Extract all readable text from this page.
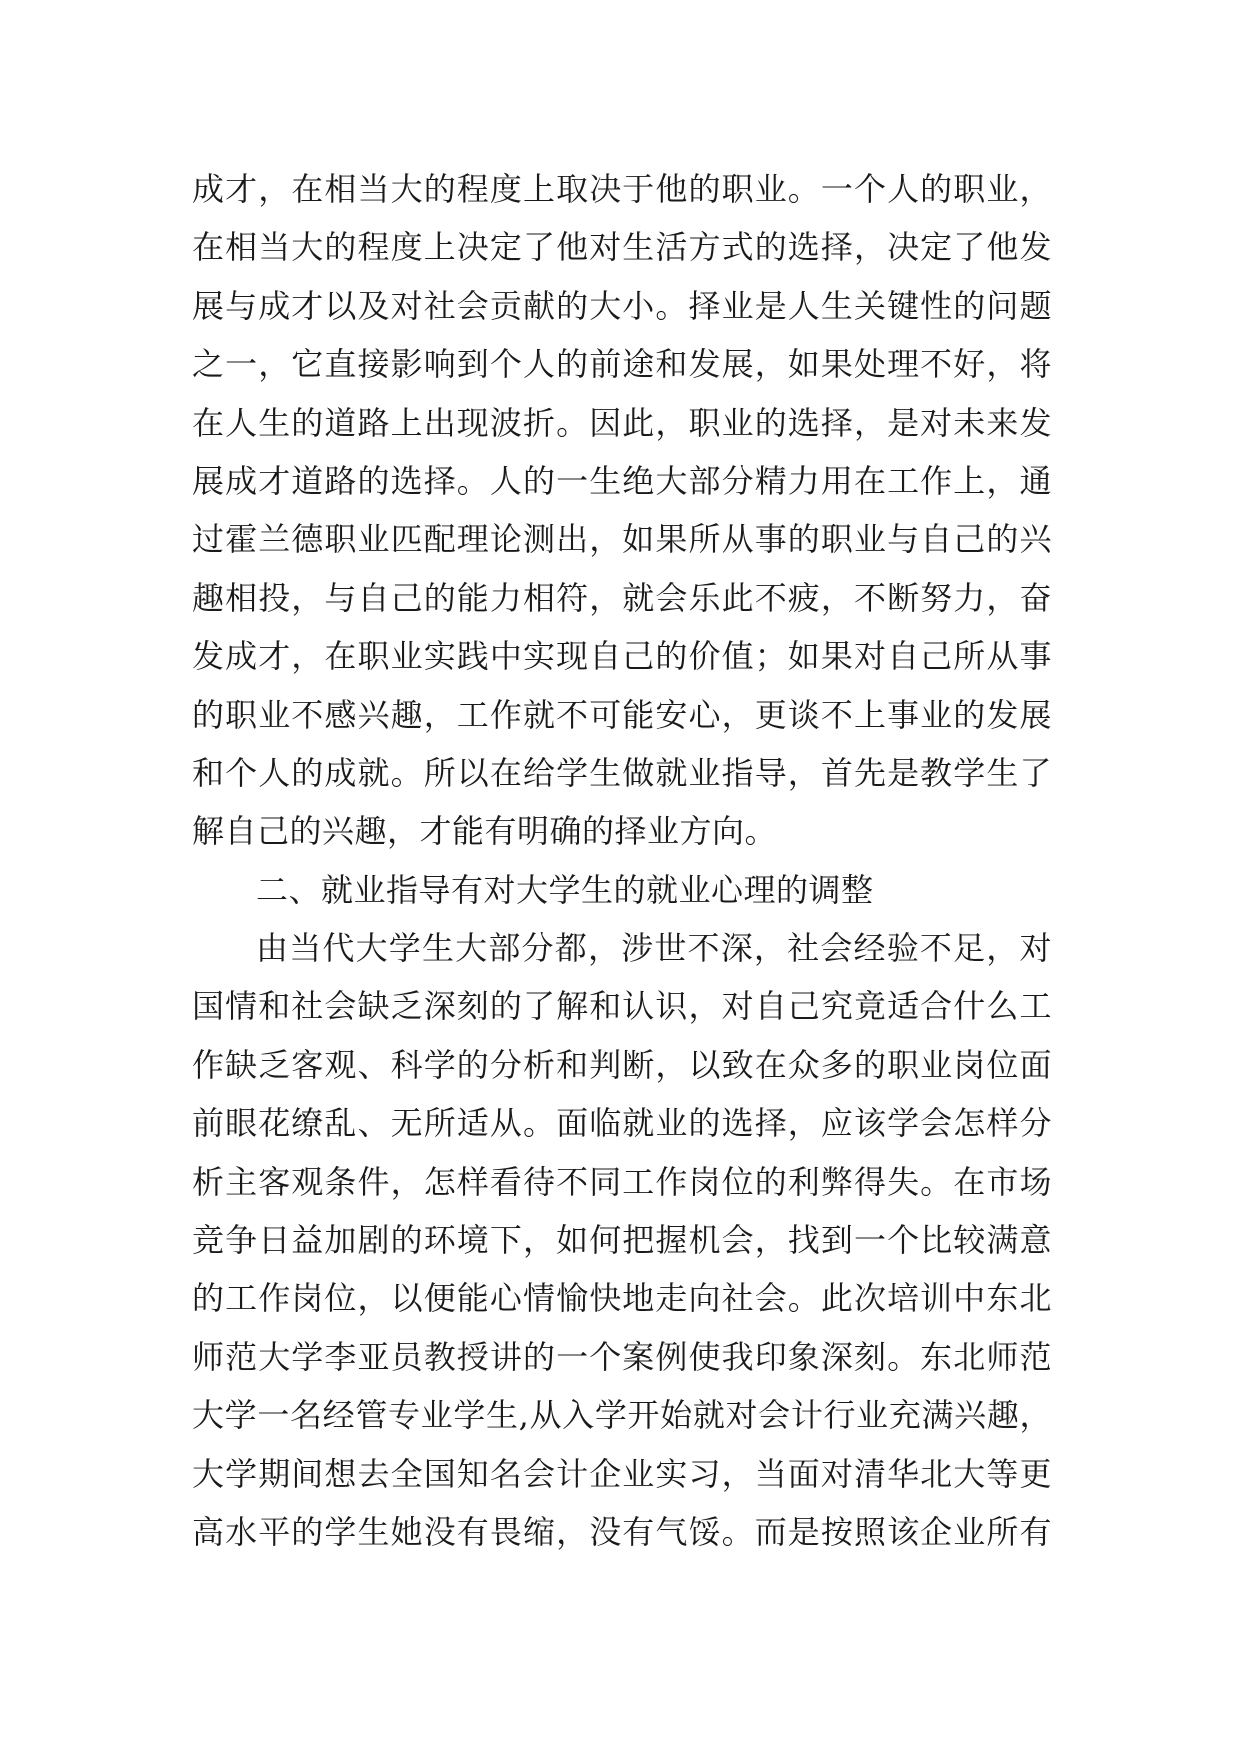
成才，在相当大的程度上取决于他的职业。一个人的职业，
在相当大的程度上决定了他对生活方式的选择，决定了他发
展与成才以及对社会贡献的大小。择业是人生关键性的问题
之一，它直接影响到个人的前途和发展，如果处理不好，将
在人生的道路上出现波折。因此，职业的选择，是对未来发
展成才道路的选择。人的一生绝大部分精力用在工作上，通
过霍兰德职业匹配理论测出，如果所从事的职业与自己的兴
趣相投，与自己的能力相符，就会乐此不疲，不断努力，奋
发成才，在职业实践中实现自己的价值；如果对自己所从事
的职业不感兴趣，工作就不可能安心，更谈不上事业的发展
和个人的成就。所以在给学生做就业指导，首先是教学生了
解自己的兴趣，才能有明确的择业方向。
二、就业指导有对大学生的就业心理的调整
由当代大学生大部分都，涉世不深，社会经验不足，对
国情和社会缺乏深刻的了解和认识，对自己究竟适合什么工
作缺乏客观、科学的分析和判断，以致在众多的职业岗位面
前眼花缭乱、无所适从。面临就业的选择，应该学会怎样分
析主客观条件，怎样看待不同工作岗位的利弊得失。在市场
竞争日益加剧的环境下，如何把握机会，找到一个比较满意
的工作岗位，以便能心情愉快地走向社会。此次培训中东北
师范大学李亚员教授讲的一个案例使我印象深刻。东北师范
大学一名经管专业学生,从入学开始就对会计行业充满兴趣，
大学期间想去全国知名会计企业实习，当面对清华北大等更
高水平的学生她没有畏缩，没有气馁。而是按照该企业所有
